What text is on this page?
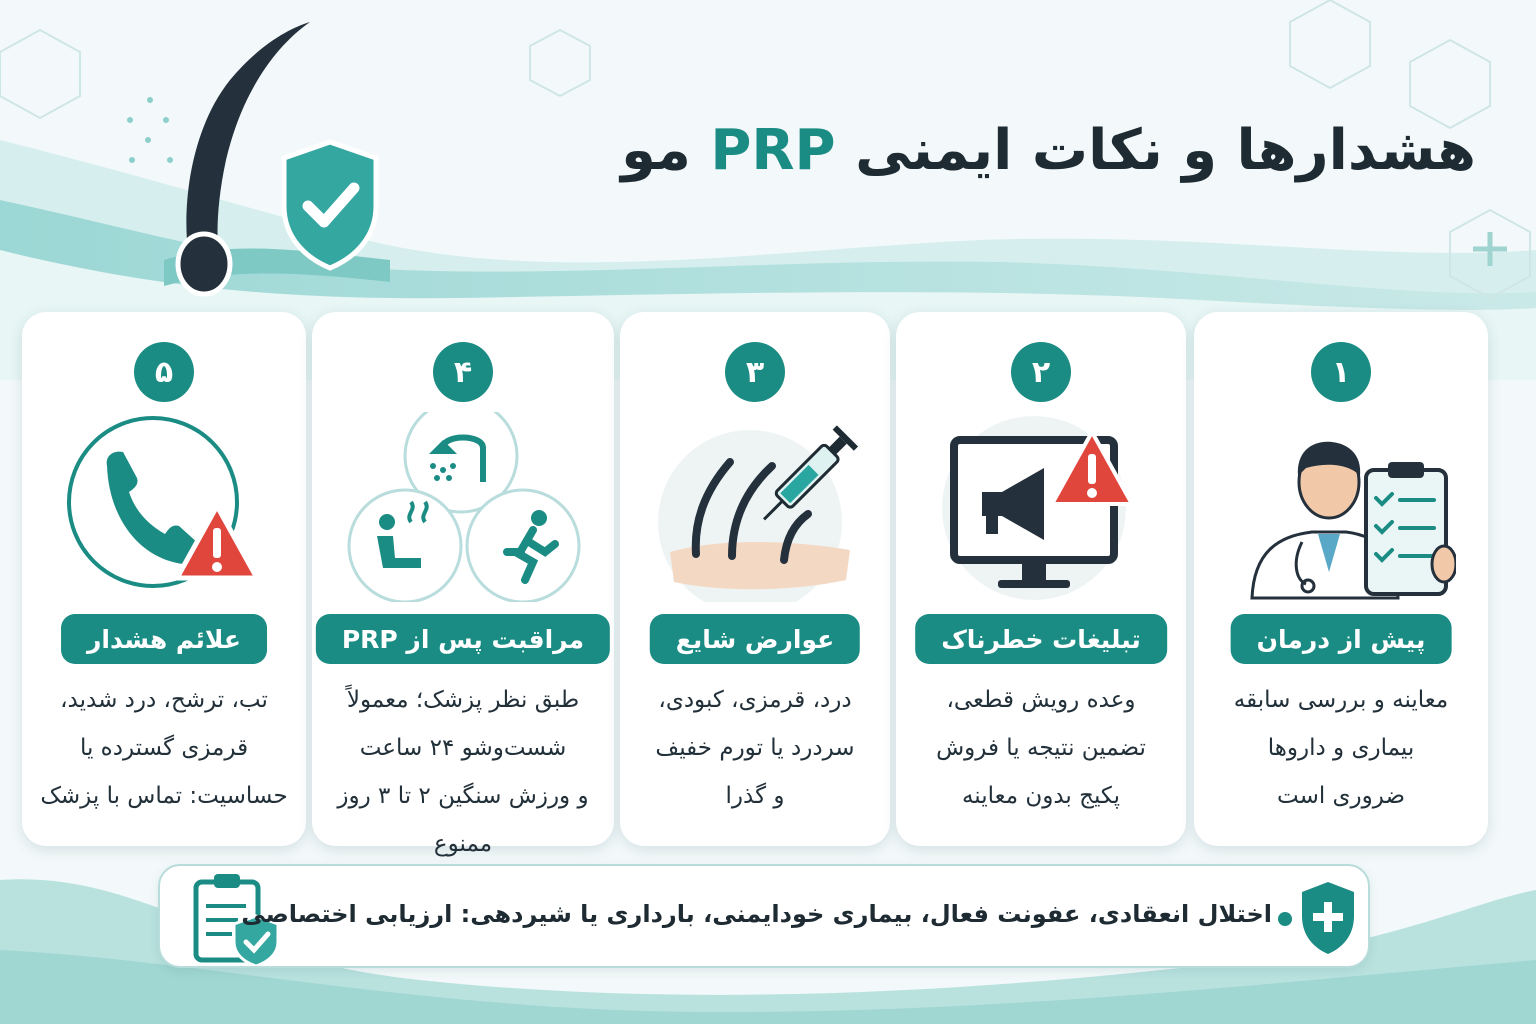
هشدارها و نکات ایمنی PRP مو
۵
علائم هشدار
تب، ترشح، درد شدید،
قرمزی گسترده یا
حساسیت: تماس با پزشک
۴
مراقبت پس از PRP
طبق نظر پزشک؛ معمولاً
شست‌وشو ۲۴ ساعت
و ورزش سنگین ۲ تا ۳ روز
ممنوع
۳
عوارض شایع
درد، قرمزی، کبودی،
سردرد یا تورم خفیف
و گذرا
۲
تبلیغات خطرناک
وعده رویش قطعی،
تضمین نتیجه یا فروش
پکیج بدون معاینه
۱
پیش از درمان
معاینه و بررسی سابقه
بیماری و داروها
ضروری است
اختلال انعقادی، عفونت فعال، بیماری خودایمنی، بارداری یا شیردهی: ارزیابی اختصاصی
